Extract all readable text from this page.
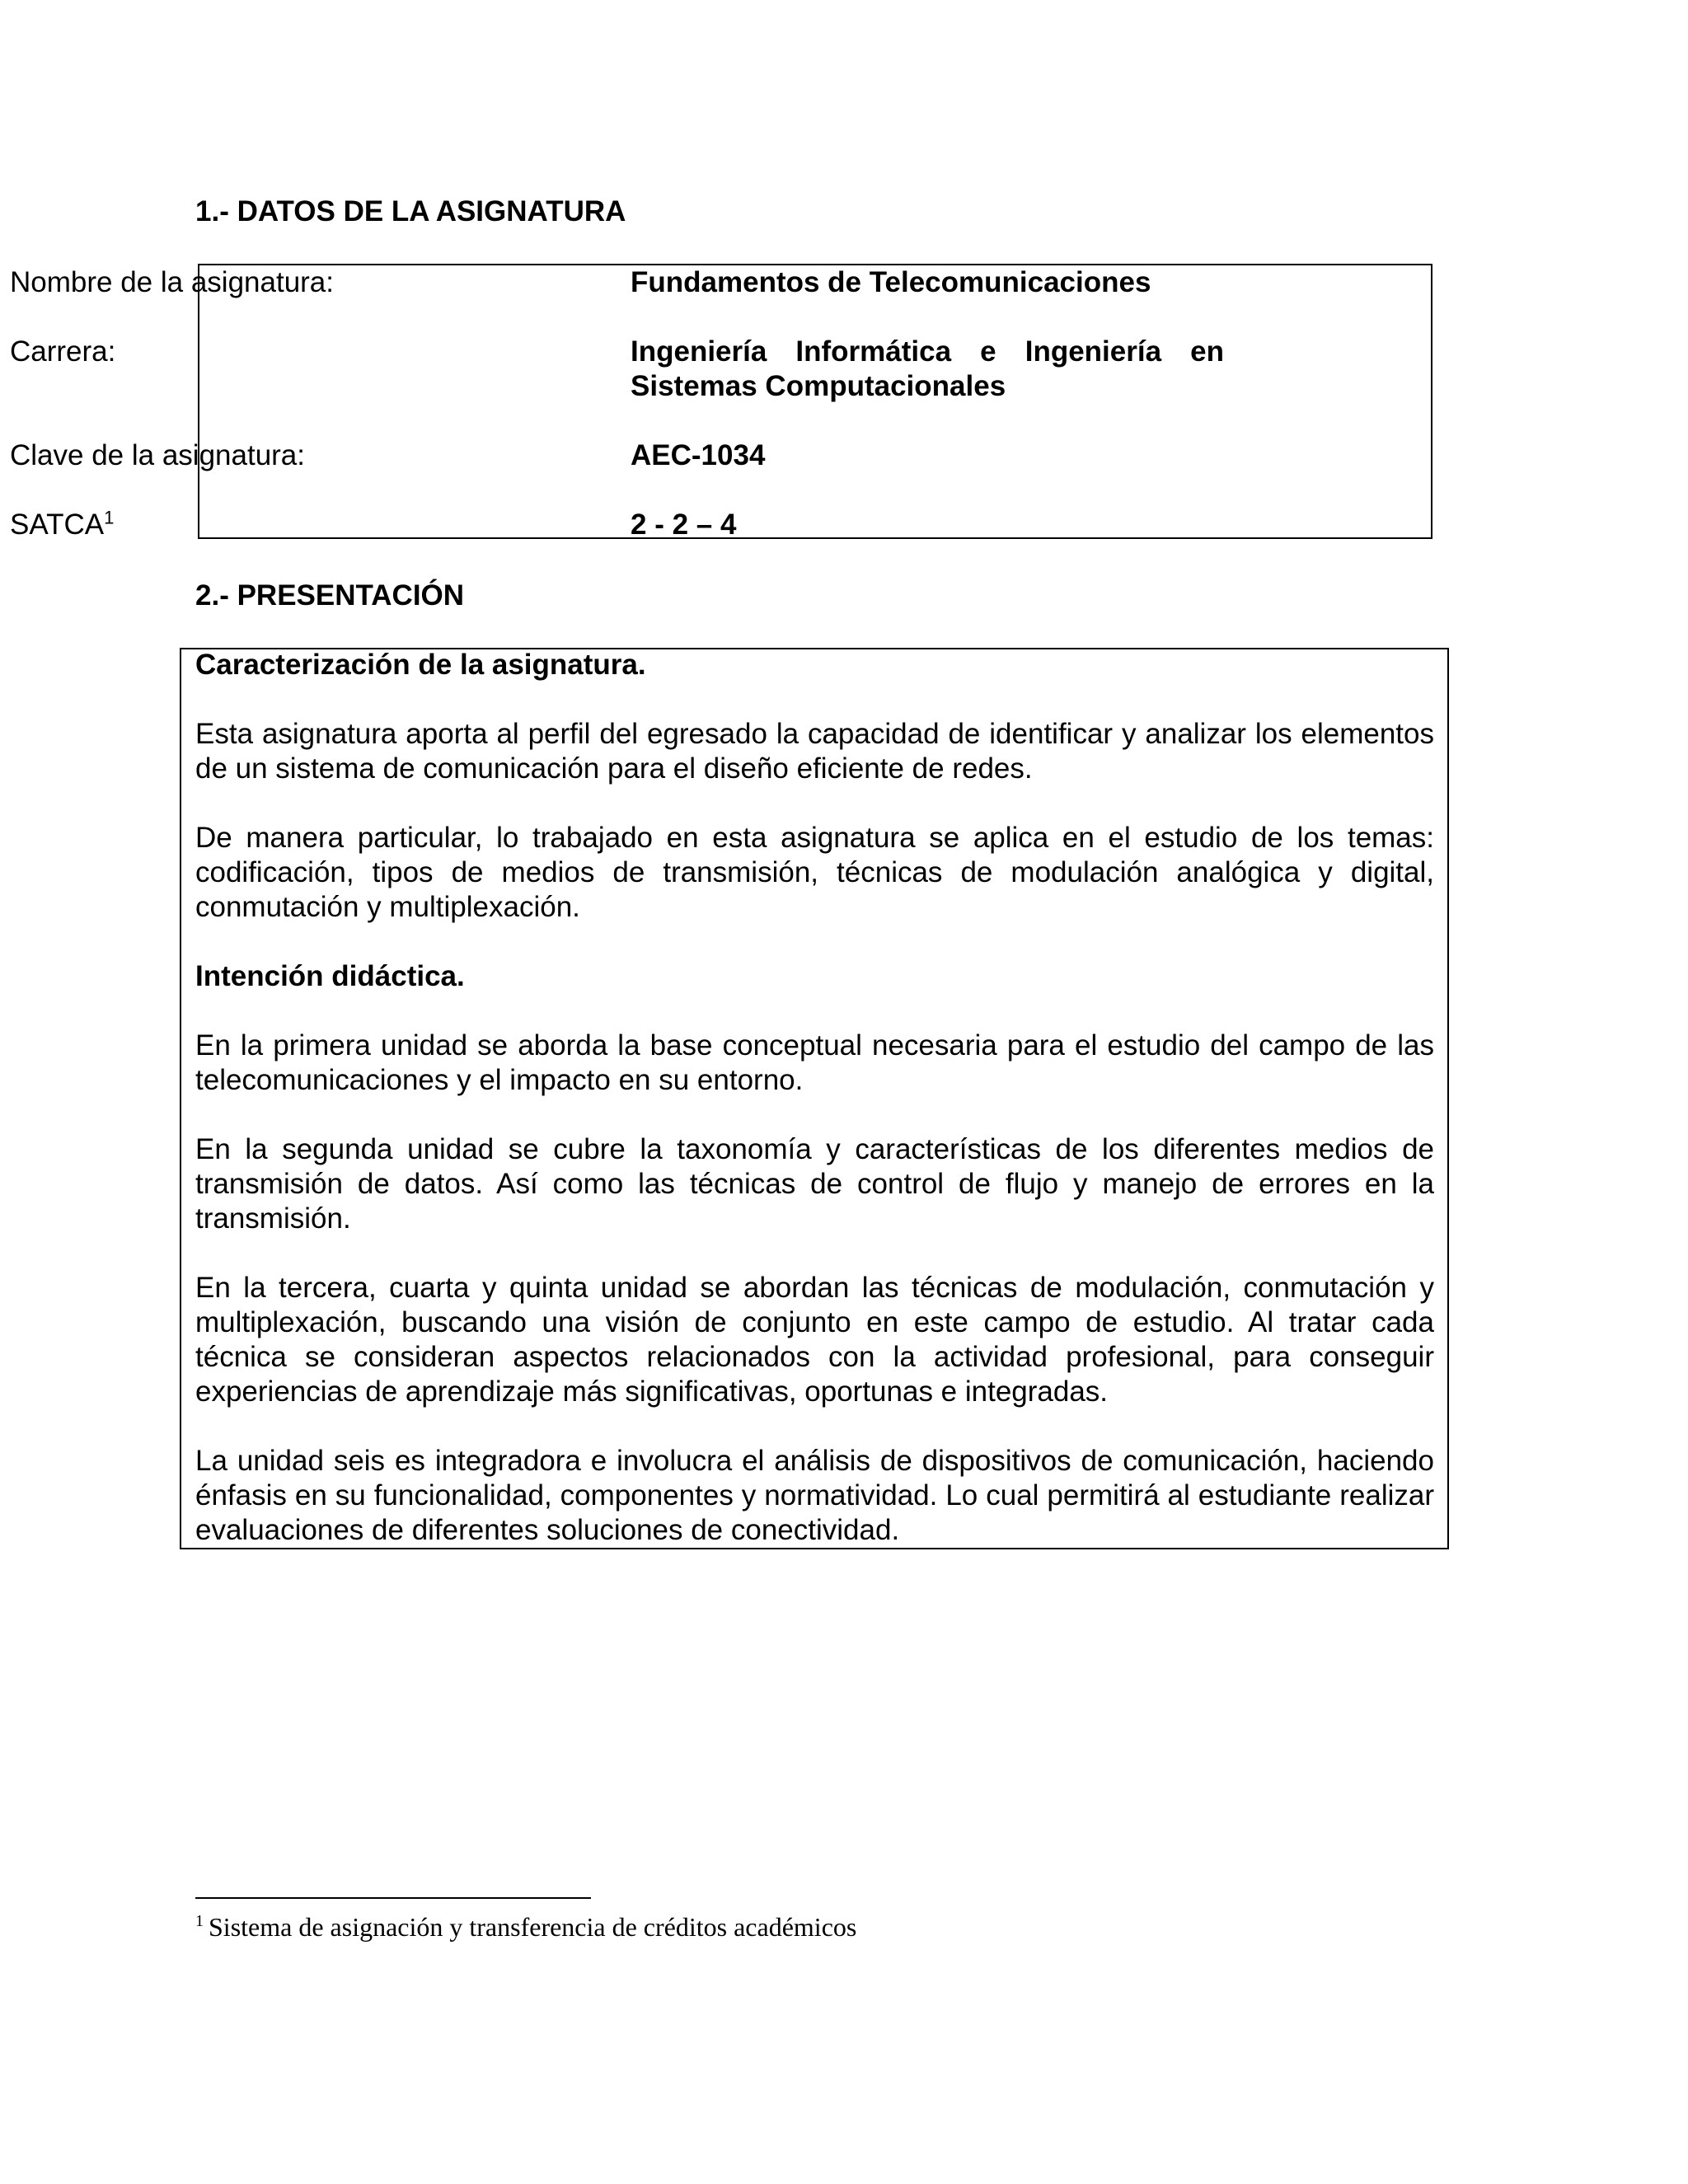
1.- DATOS DE LA ASIGNATURA
Nombre de la asignatura:	Fundamentos de Telecomunicaciones
Carrera:	Ingeniería Informática e Ingeniería en Sistemas Computacionales
Clave de la asignatura:	AEC-1034
SATCA$^1$	2 - 2 – 4
2.- PRESENTACIÓN
Caracterización de la asignatura.

Esta asignatura aporta al perfil del egresado la capacidad de identificar y analizar los elementos de un sistema de comunicación para el diseño eficiente de redes.

De manera particular, lo trabajado en esta asignatura se aplica en el estudio de los temas: codificación, tipos de medios de transmisión, técnicas de modulación analógica y digital, conmutación y multiplexación.

Intención didáctica.

En la primera unidad se aborda la base conceptual necesaria para el estudio del campo de las telecomunicaciones y el impacto en su entorno.

En la segunda unidad se cubre la taxonomía y características de los diferentes medios de transmisión de datos. Así como las técnicas de control de flujo y manejo de errores en la transmisión.

En la tercera, cuarta y quinta unidad se abordan las técnicas de modulación, conmutación y multiplexación, buscando una visión de conjunto en este campo de estudio. Al tratar cada técnica se consideran aspectos relacionados con la actividad profesional, para conseguir experiencias de aprendizaje más significativas, oportunas e integradas.

La unidad seis es integradora e involucra el análisis de dispositivos de comunicación, haciendo énfasis en su funcionalidad, componentes y normatividad. Lo cual permitirá al estudiante realizar evaluaciones de diferentes soluciones de conectividad.

$^1$ Sistema de asignación y transferencia de créditos académicos
